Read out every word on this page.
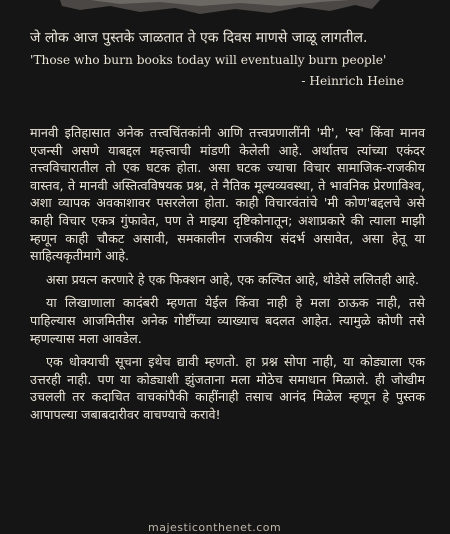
जे लोक आज पुस्तके जाळतात ते एक दिवस माणसे जाळू लागतील.
'Those who burn books today will eventually burn people'
- Heinrich Heine

मानवी इतिहासात अनेक तत्त्वचिंतकांनी आणि तत्त्वप्रणालींनी 'मी', 'स्व' किंवा मानव एजन्सी असणे याबद्दल महत्त्वाची मांडणी केलेली आहे. अर्थातच त्यांच्या एकंदर तत्त्वविचारातील तो एक घटक होता. असा घटक ज्याचा विचार सामाजिक-राजकीय वास्तव, ते मानवी अस्तित्वविषयक प्रश्न, ते नैतिक मूल्यव्यवस्था, ते भावनिक प्रेरणाविश्व, अशा व्यापक अवकाशावर पसरलेला होता. काही विचारवंतांचे 'मी कोण'बद्दलचे असे काही विचार एकत्र गुंफावेत, पण ते माझ्या दृष्टिकोनातून; अशाप्रकारे की त्याला माझी म्हणून काही चौकट असावी, समकालीन राजकीय संदर्भ असावेत, असा हेतू या साहित्यकृतीमागे आहे.

असा प्रयत्न करणारे हे एक फिक्शन आहे, एक कल्पित आहे, थोडेसे ललितही आहे.

या लिखाणाला कादंबरी म्हणता येईल किंवा नाही हे मला ठाऊक नाही, तसे पाहिल्यास आजमितीस अनेक गोष्टींच्या व्याख्याच बदलत आहेत. त्यामुळे कोणी तसे म्हणल्यास मला आवडेल.

एक धोक्याची सूचना इथेच द्यावी म्हणतो. हा प्रश्न सोपा नाही, या कोड्याला एक उत्तरही नाही. पण या कोड्याशी झुंजताना मला मोठेच समाधान मिळाले. ही जोखीम उचलली तर कदाचित वाचकांपैकी काहींनाही तसाच आनंद मिळेल म्हणून हे पुस्तक आपापल्या जबाबदारीवर वाचण्याचे करावे!

majesticonthenet.com
